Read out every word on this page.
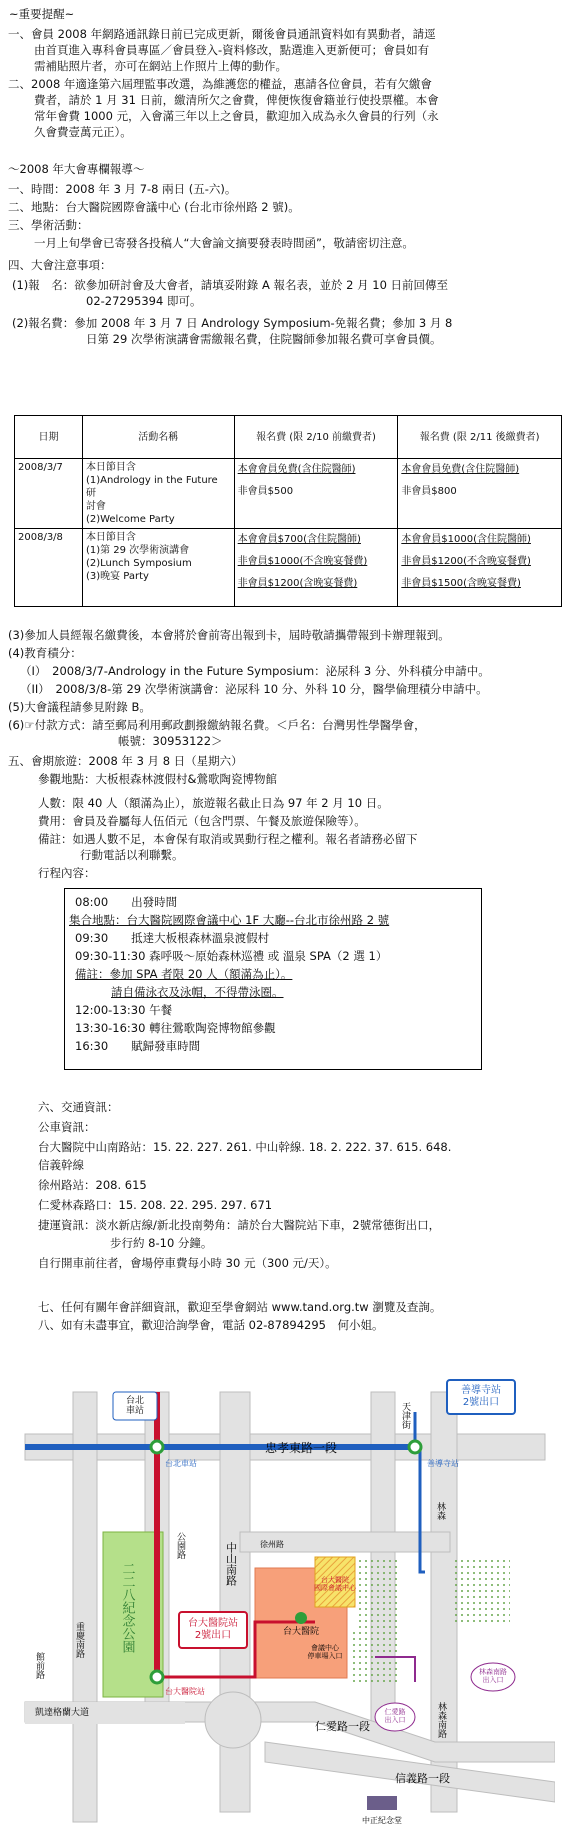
~重要提醒~
一、會員 2008 年網路通訊錄日前已完成更新，爾後會員通訊資料如有異動者，請逕
由首頁進入專科會員專區／會員登入-資料修改，點選進入更新便可；會員如有
需補貼照片者，亦可在網站上作照片上傳的動作。
二、2008 年適逢第六屆理監事改選，為維護您的權益，惠請各位會員，若有欠繳會
費者，請於 1 月 31 日前，繳清所欠之會費，俾便恢復會籍並行使投票權。本會
常年會費 1000 元，入會滿三年以上之會員，歡迎加入成為永久會員的行列（永
久會費壹萬元正）。
～2008 年大會專欄報導～
一、時間：2008 年 3 月 7-8 兩日 (五-六)。
二、地點：台大醫院國際會議中心 (台北市徐州路 2 號)。
三、學術活動：
一月上旬學會已寄發各投稿人“大會論文摘要發表時間函”，敬請密切注意。
四、大會注意事項：
(1)報　名：欲參加研討會及大會者，請填妥附錄 A 報名表，並於 2 月 10 日前回傳至
02-27295394 即可。
(2)報名費：參加 2008 年 3 月 7 日 Andrology Symposium-免報名費；參加 3 月 8
日第 29 次學術演講會需繳報名費，住院醫師參加報名費可享會員價。
日期	活動名稱	報名費 (限 2/10 前繳費者)	報名費 (限 2/11 後繳費者)
2008/3/7	本日節目含
(1)Andrology in the Future 研
討會
(2)Welcome Party	本會會員免費(含住院醫師)
非會員$500	本會會員免費(含住院醫師)
非會員$800

2008/3/8	本日節目含
(1)第 29 次學術演講會
(2)Lunch Symposium
(3)晚宴 Party	本會會員$700(含住院醫師)
非會員$1000(不含晚宴餐費)
非會員$1200(含晚宴餐費)	本會會員$1000(含住院醫師)
非會員$1200(不含晚宴餐費)
非會員$1500(含晚宴餐費)
(3)參加人員經報名繳費後，本會將於會前寄出報到卡，屆時敬請攜帶報到卡辦理報到。
(4)教育積分：
（I）　2008/3/7-Andrology in the Future Symposium：泌尿科 3 分、外科積分申請中。
（II）　2008/3/8-第 29 次學術演講會：泌尿科 10 分、外科 10 分，醫學倫理積分申請中。
(5)大會議程請參見附錄 B。
(6)☞付款方式：請至郵局利用郵政劃撥繳納報名費。＜戶名：台灣男性學醫學會，
帳號：30953122＞
五、會期旅遊：2008 年 3 月 8 日（星期六）
參觀地點：大板根森林渡假村&鶯歌陶瓷博物館
人數：限 40 人（額滿為止），旅遊報名截止日為 97 年 2 月 10 日。
費用：會員及眷屬每人伍佰元（包含門票、午餐及旅遊保險等）。
備註：如遇人數不足，本會保有取消或異動行程之權利。報名者請務必留下
行動電話以利聯繫。
行程內容：
08:00　　出發時間
集合地點：台大醫院國際會議中心 1F 大廳--台北市徐州路 2 號
09:30　　抵達大板根森林溫泉渡假村
09:30-11:30 森呼吸～原始森林巡禮 或 溫泉 SPA（2 選 1）
備註：參加 SPA 者限 20 人（額滿為止）。
請自備泳衣及泳帽，不得帶泳圈。
12:00-13:30 午餐
13:30-16:30 轉往鶯歌陶瓷博物館參觀
16:30　　賦歸發車時間
六、交通資訊：
公車資訊：
台大醫院中山南路站：15. 22. 227. 261. 中山幹線. 18. 2. 222. 37. 615. 648.
信義幹線
徐州路站：208. 615
仁愛林森路口：15. 208. 22. 295. 297. 671
捷運資訊：淡水新店線/新北投南勢角：請於台大醫院站下車，2號常德街出口，
步行約 8-10 分鐘。
自行開車前往者，會場停車費每小時 30 元（300 元/天）。
七、任何有關年會詳細資訊，歡迎至學會網站 www.tand.org.tw 瀏覽及查詢。
八、如有未盡事宜，歡迎洽詢學會，電話 02-87894295　何小姐。
台北車站
善導寺站 2號出口
台大醫院站 2號出口
台北車站	善導寺站
台大醫院站
忠孝東路一段
天津街
林森
公園路	中山南路	徐州路
台大醫院
台大醫院國際會議中心
會議中心停車場入口
二二八紀念公園
重慶南路
館前路
凱達格蘭大道
仁愛路一段
信義路一段
仁愛路出入口
林森南路出入口
林森南路
中正紀念堂
